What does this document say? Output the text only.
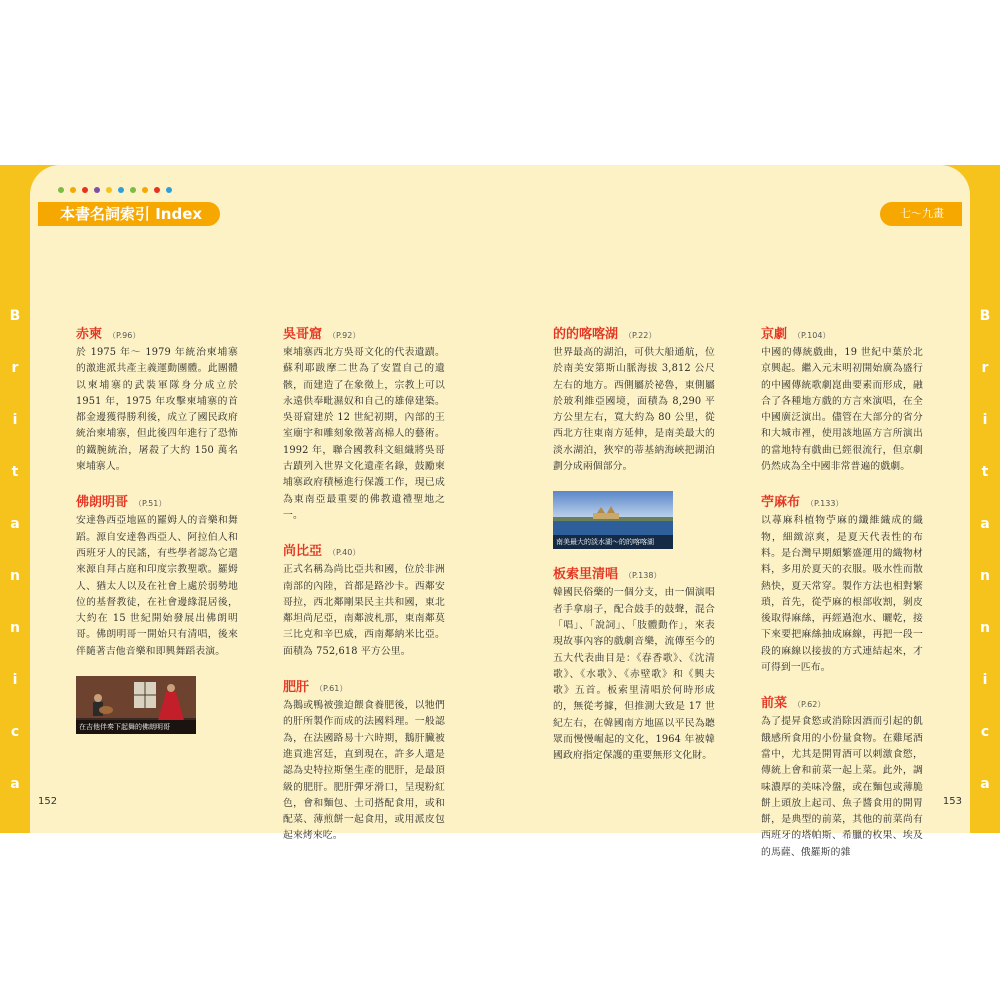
本書名詞索引 Index	七～九畫
B
r
i
t
a
n
n
i
c
a
B
r
i
t
a
n
n
i
c
a
赤柬 （P.96）
於 1975 年～ 1979 年統治柬埔寨的激進派共產主義運動團體。此團體以柬埔寨的武裝軍隊身分成立於 1951 年，1975 年攻擊柬埔寨的首都金邊獲得勝利後，成立了國民政府統治柬埔寨，但此後四年進行了恐怖的鐵腕統治，屠殺了大約 150 萬名柬埔寨人。
佛朗明哥 （P.51）
安達魯西亞地區的羅姆人的音樂和舞蹈。源自安達魯西亞人、阿拉伯人和西班牙人的民謠，有些學者認為它還來源自拜占庭和印度宗教聖歌。羅姆人、猶太人以及在社會上處於弱勢地位的基督教徒，在社會邊緣混居後，大約在 15 世紀開始發展出佛朗明哥。佛朗明哥一開始只有清唱，後來伴隨著吉他音樂和即興舞蹈表演。
在吉他伴奏下起舞的佛朗明哥
吳哥窟 （P.92）
柬埔寨西北方吳哥文化的代表遺蹟。蘇利耶跋摩二世為了安置自己的遺骸，而建造了在象徵上，宗教上可以永遠供奉毗濕奴和自己的雄偉建築。吳哥窟建於 12 世紀初期，內部的王室廟宇和雕刻象徵著高棉人的藝術。1992 年，聯合國教科文組織將吳哥古蹟列入世界文化遺產名錄，鼓勵柬埔寨政府積極進行保護工作，現已成為東南亞最重要的佛教遺禮聖地之一。
尚比亞 （P.40）
正式名稱為尚比亞共和國，位於非洲南部的內陸，首都是路沙卡。西鄰安哥拉，西北鄰剛果民主共和國，東北鄰坦尚尼亞，南鄰波札那，東南鄰莫三比克和辛巴威，西南鄰納米比亞。面積為 752,618 平方公里。
肥肝 （P.61）
為鵝或鴨被強迫餵食養肥後，以牠們的肝所製作而成的法國料理。一般認為，在法國路易十六時期，鵝肝臟被進貢進宮廷，直到現在，許多人還是認為史特拉斯堡生產的肥肝，是最頂級的肥肝。肥肝彈牙滑口，呈現粉紅色，會和麵包、土司搭配食用，或和配菜、薄煎餅一起食用，或用派皮包起來烤來吃。
的的喀喀湖 （P.22）
世界最高的湖泊，可供大船通航，位於南美安第斯山脈海拔 3,812 公尺左右的地方。西側屬於祕魯，東側屬於玻利維亞國境，面積為 8,290 平方公里左右，寬大約為 80 公里，從西北方往東南方延伸，是南美最大的淡水湖泊，狹窄的蒂基納海峽把湖泊劃分成兩個部分。
南美最大的淡水湖～的的喀喀湖
板索里清唱 （P.138）
韓國民俗藥的一個分支，由一個演唱者手拿扇子，配合鼓手的鼓聲，混合「唱」、「說詞」、「肢體動作」，來表現故事內容的戲劇音樂，流傳至今的五大代表曲目是：《春香歌》、《沈清歌》、《水歌》、《赤壁歌》和《興夫歌》五首。板索里清唱於何時形成的，無從考據，但推測大致是 17 世紀左右，在韓國南方地區以平民為聽眾而慢慢崛起的文化，1964 年被韓國政府指定保護的重要無形文化財。
京劇 （P.104）
中國的傳統戲曲，19 世紀中葉於北京興起。繼入元末明初開始廣為盛行的中國傳統歌劇崑曲要素而形成，融合了各種地方戲的方言來演唱，在全中國廣泛演出。儘管在大部分的省分和大城市裡，使用該地區方言所演出的當地特有戲曲已經很流行，但京劇仍然成為全中國非常普遍的戲劇。
苧麻布 （P.133）
以蕁麻科植物苧麻的纖維織成的織物，細緻涼爽，是夏天代表性的布料。是台灣早期頗繁盛運用的織物材料，多用於夏天的衣服。吸水性而散熱快，夏天常穿。製作方法也相對繁瑣，首先，從苧麻的根部收割，剝皮後取得麻絲，再經過泡水、曬乾，接下來要把麻絲抽成麻線，再把一段一段的麻線以接拔的方式連結起來，才可得到一匹布。
前菜 （P.62）
為了提昇食慾或消除因酒而引起的飢餓感所食用的小份量食物。在雞尾酒當中，尤其是開胃酒可以刺激食慾，傳統上會和前菜一起上菜。此外，調味濃厚的美味冷盤，或在麵包或薄脆餅上頭放上起司、魚子醬食用的開胃餅，是典型的前菜，其他的前菜尚有西班牙的塔帕斯、希臘的枚果、埃及的馬薩、俄羅斯的雜
152	153
